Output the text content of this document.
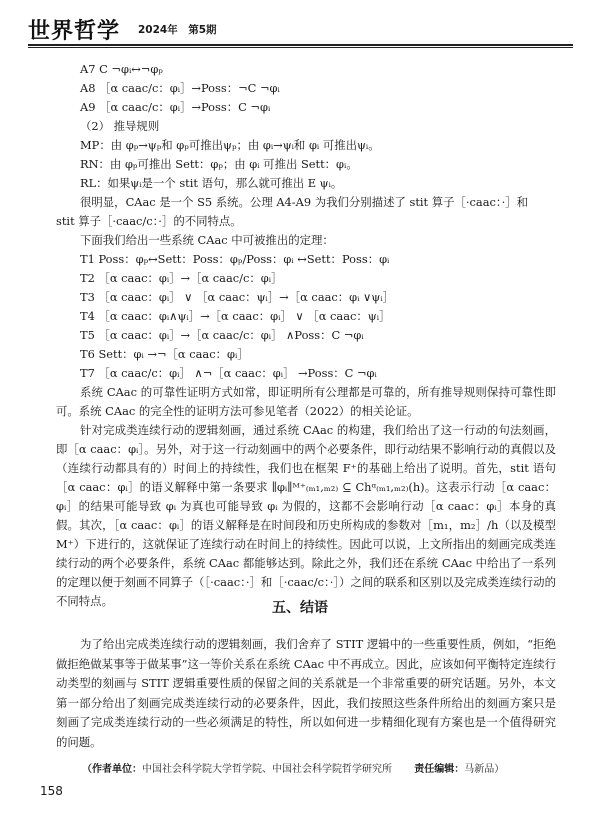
世界哲学 2024年　第5期

A7 C ¬φᵢ↔¬φₚ

A8 ［α caac/c：φᵢ］→Poss：¬C ¬φᵢ

A9 ［α caac/c：φᵢ］→Poss：C ¬φᵢ

（2） 推导规则

MP：由 φₚ→ψₚ和 φₚ可推出ψₚ；由 φᵢ→ψᵢ和 φᵢ 可推出ψᵢ。

RN：由 φₚ可推出 Sett：φₚ；由 φᵢ 可推出 Sett：φᵢ。

RL：如果ψᵢ是一个 stit 语句，那么就可推出 E ψᵢ。

很明显，CAac 是一个 S5 系统。公理 A4-A9 为我们分别描述了 stit 算子［·caac：·］和

stit 算子［·caac/c：·］的不同特点。

下面我们给出一些系统 CAac 中可被推出的定理：

T1 Poss：φₚ↔Sett：Poss：φₚ/Poss：φᵢ ↔Sett：Poss：φᵢ

T2 ［α caac：φᵢ］→［α caac/c：φᵢ］

T3 ［α caac：φᵢ］ ∨ ［α caac：ψᵢ］→［α caac：φᵢ ∨ψᵢ］

T4 ［α caac：φᵢ∧ψᵢ］→［α caac：φᵢ］ ∨ ［α caac：ψᵢ］

T5 ［α caac：φᵢ］→［α caac/c：φᵢ］ ∧Poss：C ¬φᵢ

T6 Sett：φᵢ →¬［α caac：φᵢ］

T7 ［α caac/c：φᵢ］ ∧¬［α caac：φᵢ］ →Poss：C ¬φᵢ

系统 CAac 的可靠性证明方式如常，即证明所有公理都是可靠的，所有推导规则保持可靠性即可。系统 CAac 的完全性的证明方法可参见笔者（2022）的相关论证。

针对完成类连续行动的逻辑刻画，通过系统 CAac 的构建，我们给出了这一行动的句法刻画，即［α caac：φᵢ］。另外，对于这一行动刻画中的两个必要条件，即行动结果不影响行动的真假以及（连续行动都具有的）时间上的持续性，我们也在框架 F⁺的基础上给出了说明。首先，stit 语句［α caac：φᵢ］的语义解释中第一条要求 ∥φᵢ∥ᴹ⁺₍ₘ₁,ₘ₂₎ ⊆ Chᵅ₍ₘ₁,ₘ₂₎(h)。这表示行动［α caac：φᵢ］的结果可能导致 φᵢ 为真也可能导致 φᵢ 为假的，这都不会影响行动［α caac：φᵢ］本身的真假。其次，［α caac：φᵢ］的语义解释是在时间段和历史所构成的参数对［m₁，m₂］/h（以及模型 M⁺）下进行的，这就保证了连续行动在时间上的持续性。因此可以说，上文所指出的刻画完成类连续行动的两个必要条件，系统 CAac 都能够达到。除此之外，我们还在系统 CAac 中给出了一系列的定理以便于刻画不同算子（［·caac：·］和［·caac/c：·］）之间的联系和区别以及完成类连续行动的不同特点。	五、结语

为了给出完成类连续行动的逻辑刻画，我们舍弃了 STIT 逻辑中的一些重要性质，例如，“拒绝做拒绝做某事等于做某事”这一等价关系在系统 CAac 中不再成立。因此，应该如何平衡特定连续行动类型的刻画与 STIT 逻辑重要性质的保留之间的关系就是一个非常重要的研究话题。另外，本文第一部分给出了刻画完成类连续行动的必要条件，因此，我们按照这些条件所给出的刻画方案只是刻画了完成类连续行动的一些必须满足的特性，所以如何进一步精细化现有方案也是一个值得研究的问题。

（作者单位：中国社会科学院大学哲学院、中国社会科学院哲学研究所 责任编辑：马新品）
158
